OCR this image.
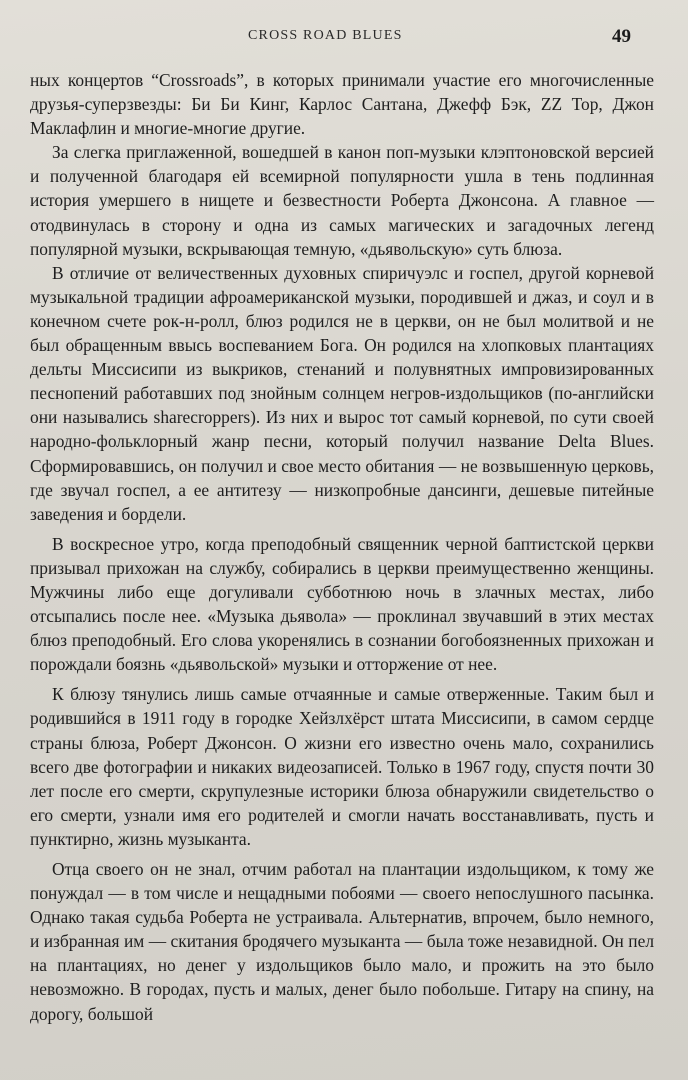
CROSS ROAD BLUES	49

ных концертов “Crossroads”, в которых принимали участие его многочисленные друзья-суперзвезды: Би Би Кинг, Карлос Сантана, Джефф Бэк, ZZ Top, Джон Маклафлин и многие-многие другие.

За слегка приглаженной, вошедшей в канон поп-музыки клэптоновской версией и полученной благодаря ей всемирной популярности ушла в тень подлинная история умершего в нищете и безвестности Роберта Джонсона. А главное — отодвинулась в сторону и одна из самых магических и загадочных легенд популярной музыки, вскрывающая темную, «дьявольскую» суть блюза.

В отличие от величественных духовных спиричуэлс и госпел, другой корневой музыкальной традиции афроамериканской музыки, породившей и джаз, и соул и в конечном счете рок-н-ролл, блюз родился не в церкви, он не был молитвой и не был обращенным ввысь воспеванием Бога. Он родился на хлопковых плантациях дельты Миссисипи из выкриков, стенаний и полувнятных импровизированных песнопений работавших под знойным солнцем негров-издольщиков (по-английски они назывались sharecroppers). Из них и вырос тот самый корневой, по сути своей народно-фольклорный жанр песни, который получил название Delta Blues. Сформировавшись, он получил и свое место обитания — не возвышенную церковь, где звучал госпел, а ее антитезу — низкопробные дансинги, дешевые питейные заведения и бордели.

В воскресное утро, когда преподобный священник черной баптистской церкви призывал прихожан на службу, собирались в церкви преимущественно женщины. Мужчины либо еще догуливали субботнюю ночь в злачных местах, либо отсыпались после нее. «Музыка дьявола» — проклинал звучавший в этих местах блюз преподобный. Его слова укоренялись в сознании богобоязненных прихожан и порождали боязнь «дьявольской» музыки и отторжение от нее.

К блюзу тянулись лишь самые отчаянные и самые отверженные. Таким был и родившийся в 1911 году в городке Хейзлхёрст штата Миссисипи, в самом сердце страны блюза, Роберт Джонсон. О жизни его известно очень мало, сохранились всего две фотографии и никаких видеозаписей. Только в 1967 году, спустя почти 30 лет после его смерти, скрупулезные историки блюза обнаружили свидетельство о его смерти, узнали имя его родителей и смогли начать восстанавливать, пусть и пунктирно, жизнь музыканта.

Отца своего он не знал, отчим работал на плантации издольщиком, к тому же понуждал — в том числе и нещадными побоями — своего непослушного пасынка. Однако такая судьба Роберта не устраивала. Альтернатив, впрочем, было немного, и избранная им — скитания бродячего музыканта — была тоже незавидной. Он пел на плантациях, но денег у издольщиков было мало, и прожить на это было невозможно. В городах, пусть и малых, денег было побольше. Гитару на спину, на дорогу, большой
